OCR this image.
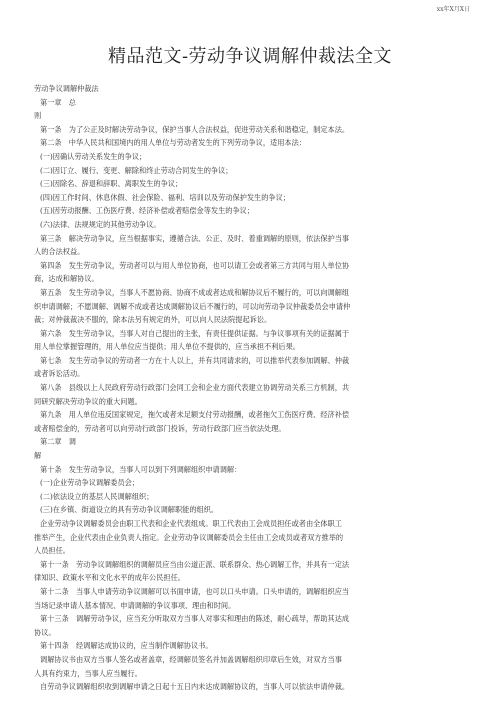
xx年X月X日
精品范文-劳动争议调解仲裁法全文
劳动争议调解仲裁法
第一章　总
则
第一条　为了公正及时解决劳动争议，保护当事人合法权益，促进劳动关系和谐稳定，制定本法。
第二条　中华人民共和国境内的用人单位与劳动者发生的下列劳动争议，适用本法：
(一)因确认劳动关系发生的争议；
(二)因订立、履行、变更、解除和终止劳动合同发生的争议；
(三)因除名、辞退和辞职、离职发生的争议；
(四)因工作时间、休息休假、社会保险、福利、培训以及劳动保护发生的争议；
(五)因劳动报酬、工伤医疗费、经济补偿或者赔偿金等发生的争议；
(六)法律、法规规定的其他劳动争议。
第三条　解决劳动争议，应当根据事实，遵循合法、公正、及时、着重调解的原则，依法保护当事
人的合法权益。
第四条　发生劳动争议，劳动者可以与用人单位协商，也可以请工会或者第三方共同与用人单位协
商，达成和解协议。
第五条　发生劳动争议，当事人不愿协商、协商不成或者达成和解协议后不履行的，可以向调解组
织申请调解；不愿调解、调解不成或者达成调解协议后不履行的，可以向劳动争议仲裁委员会申请仲
裁；对仲裁裁决不服的，除本法另有规定的外，可以向人民法院提起诉讼。
第六条　发生劳动争议，当事人对自己提出的主张，有责任提供证据。与争议事项有关的证据属于
用人单位掌握管理的，用人单位应当提供；用人单位不提供的，应当承担不利后果。
第七条　发生劳动争议的劳动者一方在十人以上，并有共同请求的，可以推举代表参加调解、仲裁
或者诉讼活动。
第八条　县级以上人民政府劳动行政部门会同工会和企业方面代表建立协调劳动关系三方机制，共
同研究解决劳动争议的重大问题。
第九条　用人单位违反国家规定，拖欠或者未足额支付劳动报酬，或者拖欠工伤医疗费、经济补偿
或者赔偿金的，劳动者可以向劳动行政部门投诉，劳动行政部门应当依法处理。
第二章　调
解
第十条　发生劳动争议，当事人可以到下列调解组织申请调解：
(一)企业劳动争议调解委员会；
(二)依法设立的基层人民调解组织；
(三)在乡镇、街道设立的具有劳动争议调解职能的组织。
企业劳动争议调解委员会由职工代表和企业代表组成。职工代表由工会成员担任或者由全体职工
推举产生，企业代表由企业负责人指定。企业劳动争议调解委员会主任由工会成员或者双方推举的
人员担任。
第十一条　劳动争议调解组织的调解员应当由公道正派、联系群众、热心调解工作，并具有一定法
律知识、政策水平和文化水平的成年公民担任。
第十二条　当事人申请劳动争议调解可以书面申请，也可以口头申请。口头申请的，调解组织应当
当场记录申请人基本情况、申请调解的争议事项、理由和时间。
第十三条　调解劳动争议，应当充分听取双方当事人对事实和理由的陈述，耐心疏导，帮助其达成
协议。
第十四条　经调解达成协议的，应当制作调解协议书。
调解协议书由双方当事人签名或者盖章，经调解员签名并加盖调解组织印章后生效，对双方当事
人具有约束力，当事人应当履行。
自劳动争议调解组织收到调解申请之日起十五日内未达成调解协议的，当事人可以依法申请仲裁。
